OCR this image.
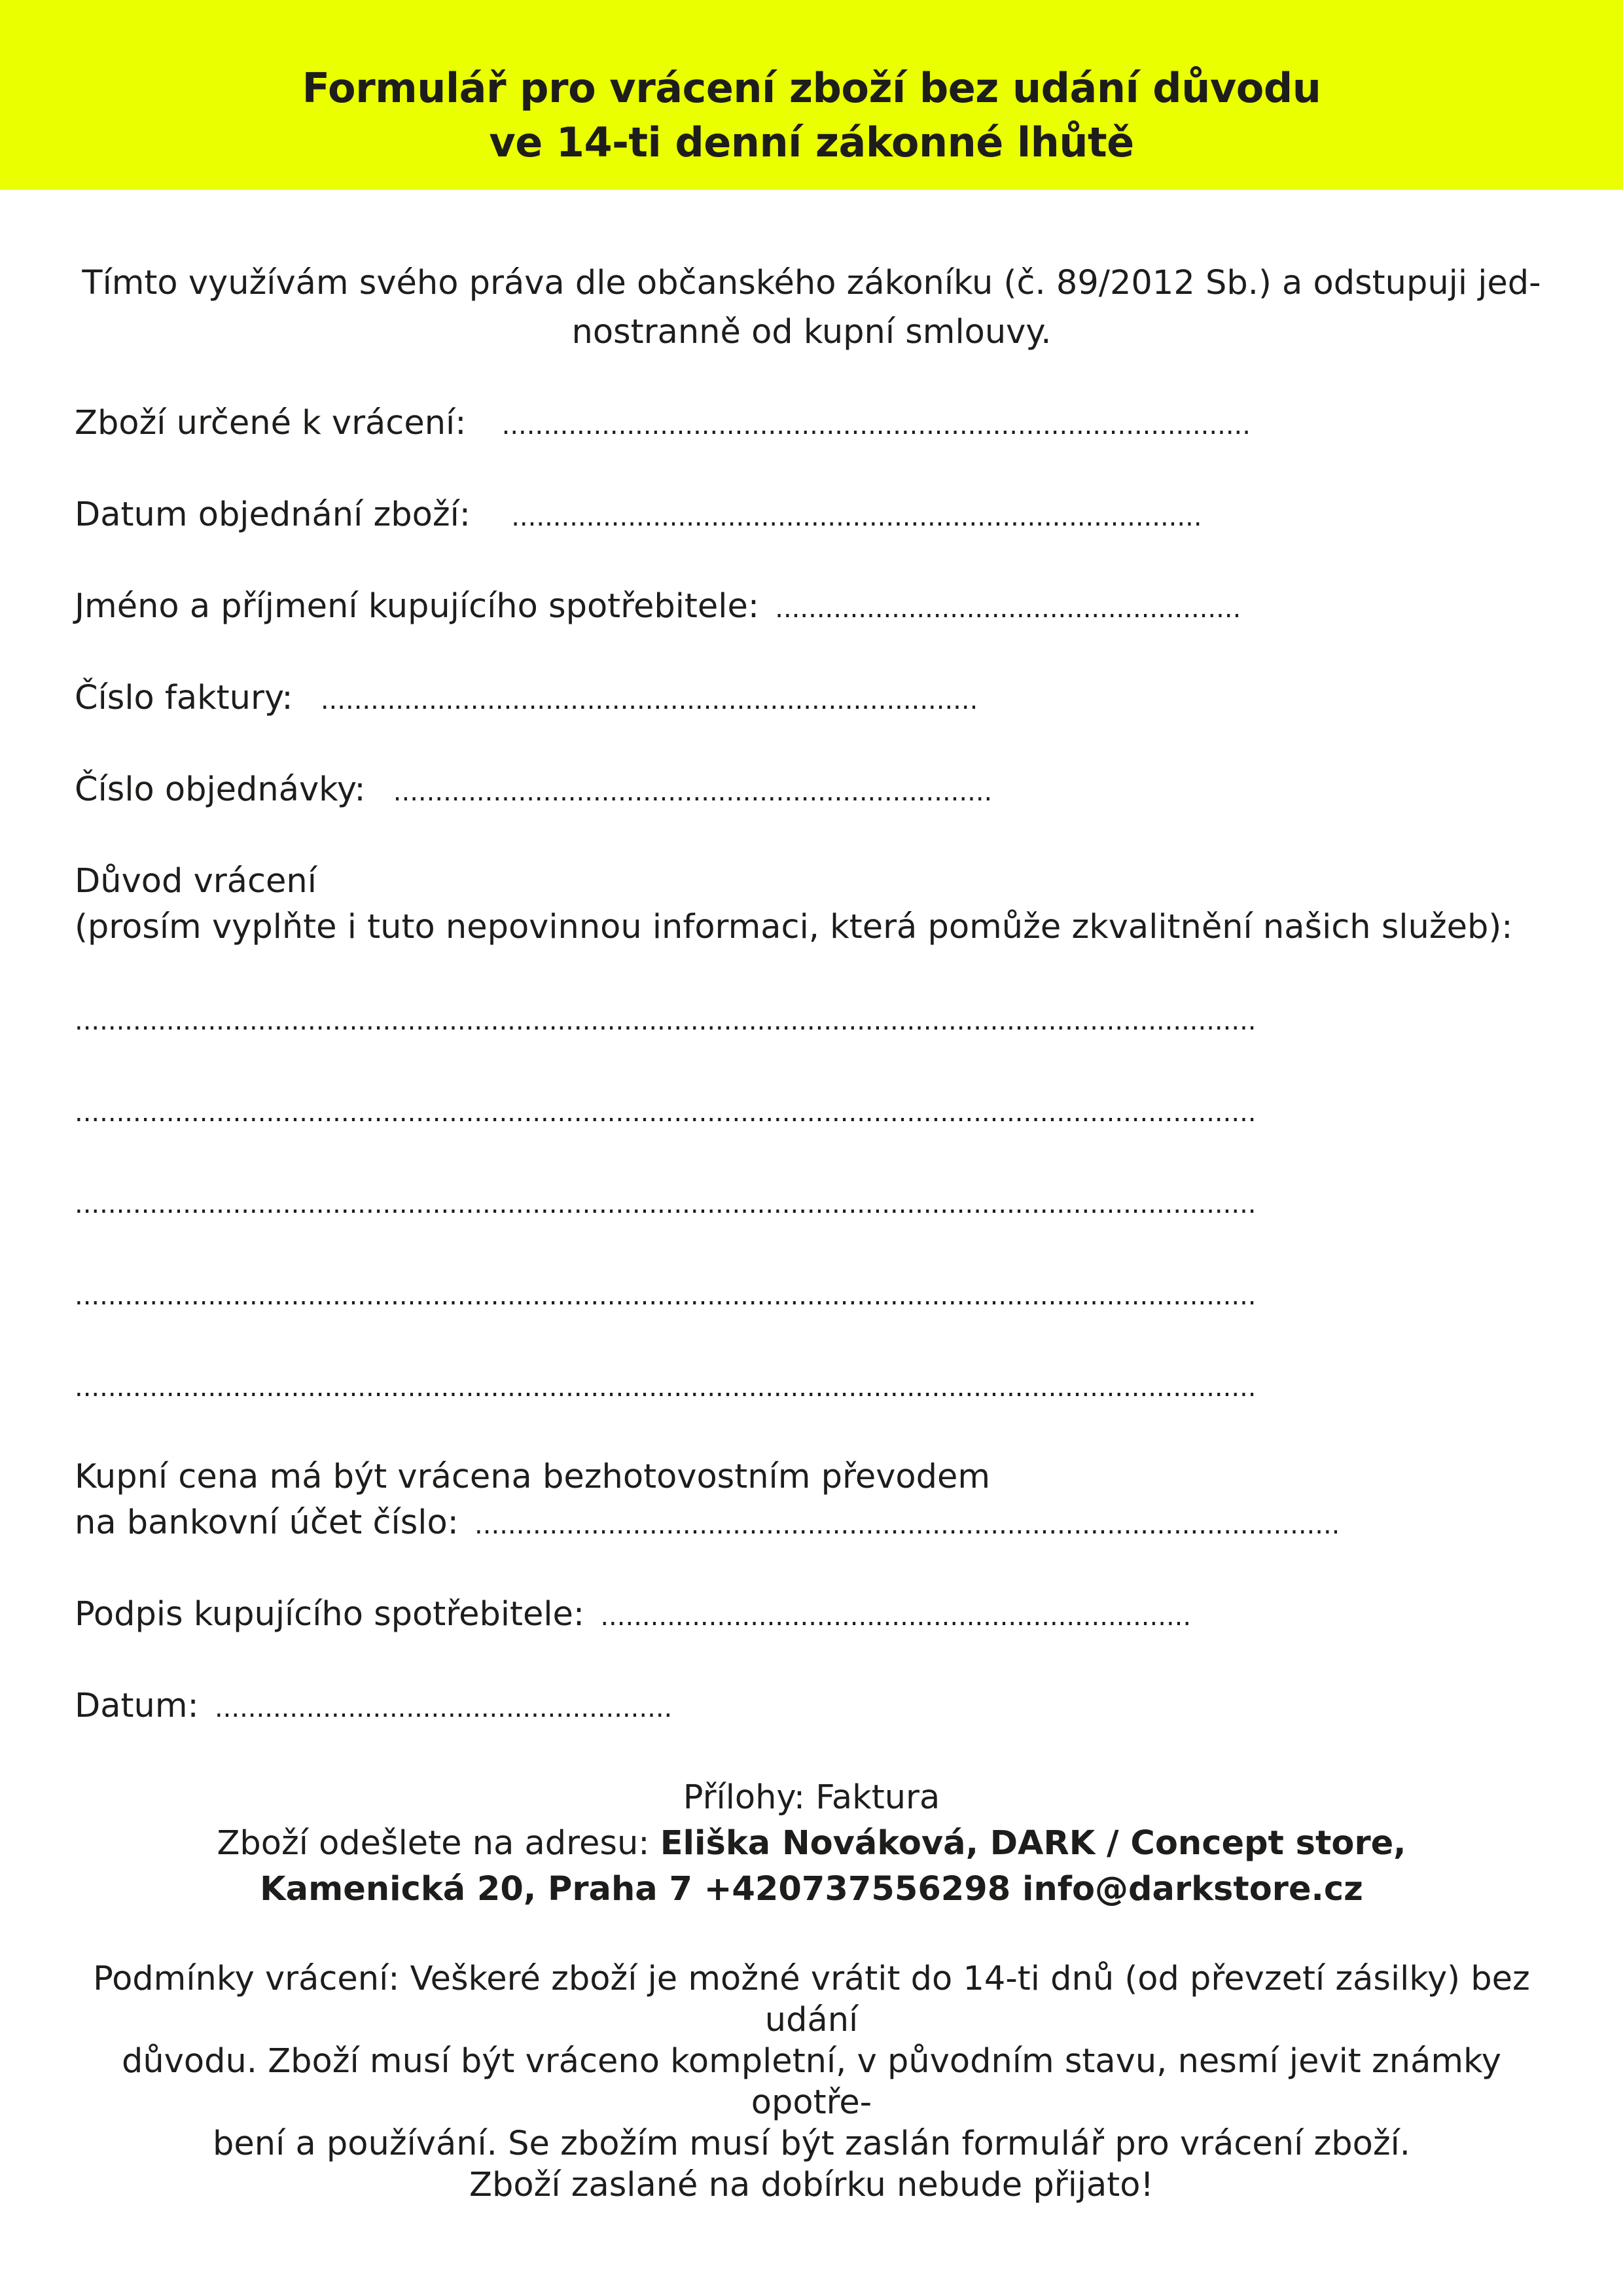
Formulář pro vrácení zboží bez udání důvodu
ve 14-ti denní zákonné lhůtě
Tímto využívám svého práva dle občanského zákoníku (č. 89/2012 Sb.) a odstupuji jed-
nostranně od kupní smlouvy.
Zboží určené k vrácení: ..........................................................................................
Datum objednání zboží: ...................................................................................
Jméno a příjmení kupujícího spotřebitele: ........................................................
Číslo faktury: ...............................................................................
Číslo objednávky: ........................................................................
Důvod vrácení
(prosím vyplňte i tuto nepovinnou informaci, která pomůže zkvalitnění našich služeb):
..............................................................................................................................................
..............................................................................................................................................
..............................................................................................................................................
..............................................................................................................................................
..............................................................................................................................................
Kupní cena má být vrácena bezhotovostním převodem
na bankovní účet číslo: ........................................................................................................
Podpis kupujícího spotřebitele: .......................................................................
Datum: .......................................................
Přílohy: Faktura
Zboží odešlete na adresu: Eliška Nováková, DARK / Concept store,
Kamenická 20, Praha 7 +420737556298 info@darkstore.cz
Podmínky vrácení: Veškeré zboží je možné vrátit do 14-ti dnů (od převzetí zásilky) bez
udání
důvodu. Zboží musí být vráceno kompletní, v původním stavu, nesmí jevit známky opotře-
bení a používání. Se zbožím musí být zaslán formulář pro vrácení zboží.
Zboží zaslané na dobírku nebude přijato!
